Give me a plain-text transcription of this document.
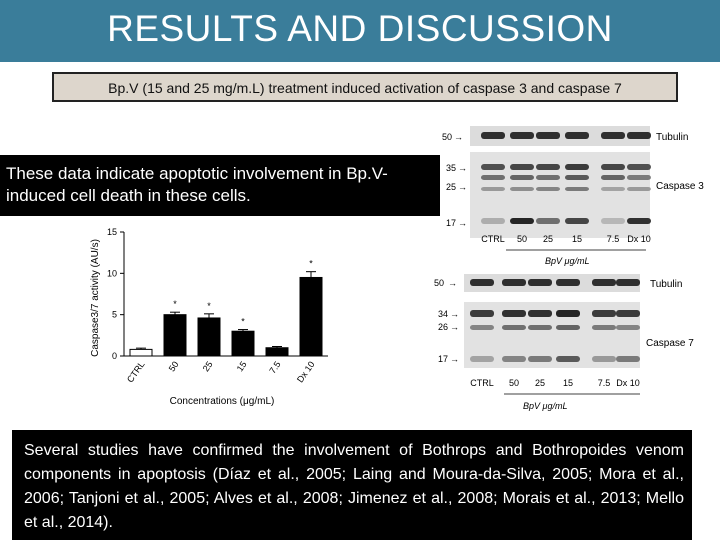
RESULTS AND DISCUSSION
Bp.V (15 and 25 mg/m.L) treatment induced activation of caspase 3 and caspase 7
50 →	Tubulin
35
25
17
→
→
→
Caspase 3
CTRL 50 25 15	7.5 Dx 10
BpV μg/mL
50 →	Tubulin
34
26
17
→
→
→
Caspase 7
CTRL 50 25 15	7.5 Dx 10
BpV μg/mL
Caspase3/7 activity (AU/s)
Concentrations (μg/mL)
0
5
10
15
CTRL
*
50
*
25
*
15 7.5
*
Dx 10
These data indicate apoptotic involvement in Bp.V-induced cell death in these cells.
Several studies have confirmed the involvement of Bothrops and Bothropoides venom components in apoptosis (Díaz et al., 2005; Laing and Moura-da-Silva, 2005; Mora et al., 2006; Tanjoni et al., 2005; Alves et al., 2008; Jimenez et al., 2008; Morais et al., 2013; Mello et al., 2014).
